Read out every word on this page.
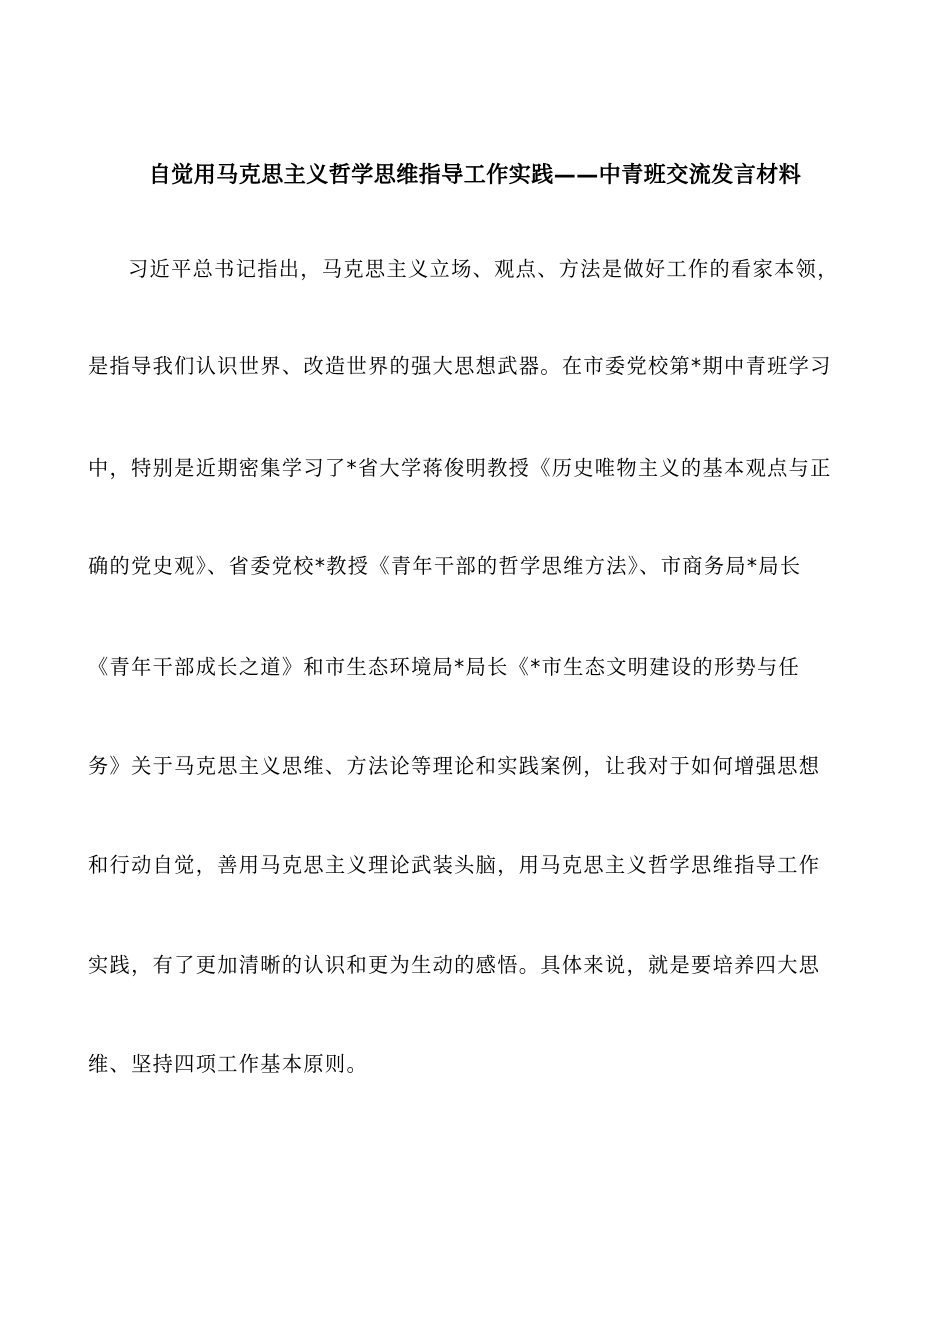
自觉用马克思主义哲学思维指导工作实践——中青班交流发言材料
习近平总书记指出，马克思主义立场、观点、方法是做好工作的看家本领，
是指导我们认识世界、改造世界的强大思想武器。在市委党校第*期中青班学习
中，特别是近期密集学习了*省大学蒋俊明教授《历史唯物主义的基本观点与正
确的党史观》、省委党校*教授《青年干部的哲学思维方法》、市商务局*局长
《青年干部成长之道》和市生态环境局*局长《*市生态文明建设的形势与任
务》关于马克思主义思维、方法论等理论和实践案例，让我对于如何增强思想
和行动自觉，善用马克思主义理论武装头脑，用马克思主义哲学思维指导工作
实践，有了更加清晰的认识和更为生动的感悟。具体来说，就是要培养四大思
维、坚持四项工作基本原则。
